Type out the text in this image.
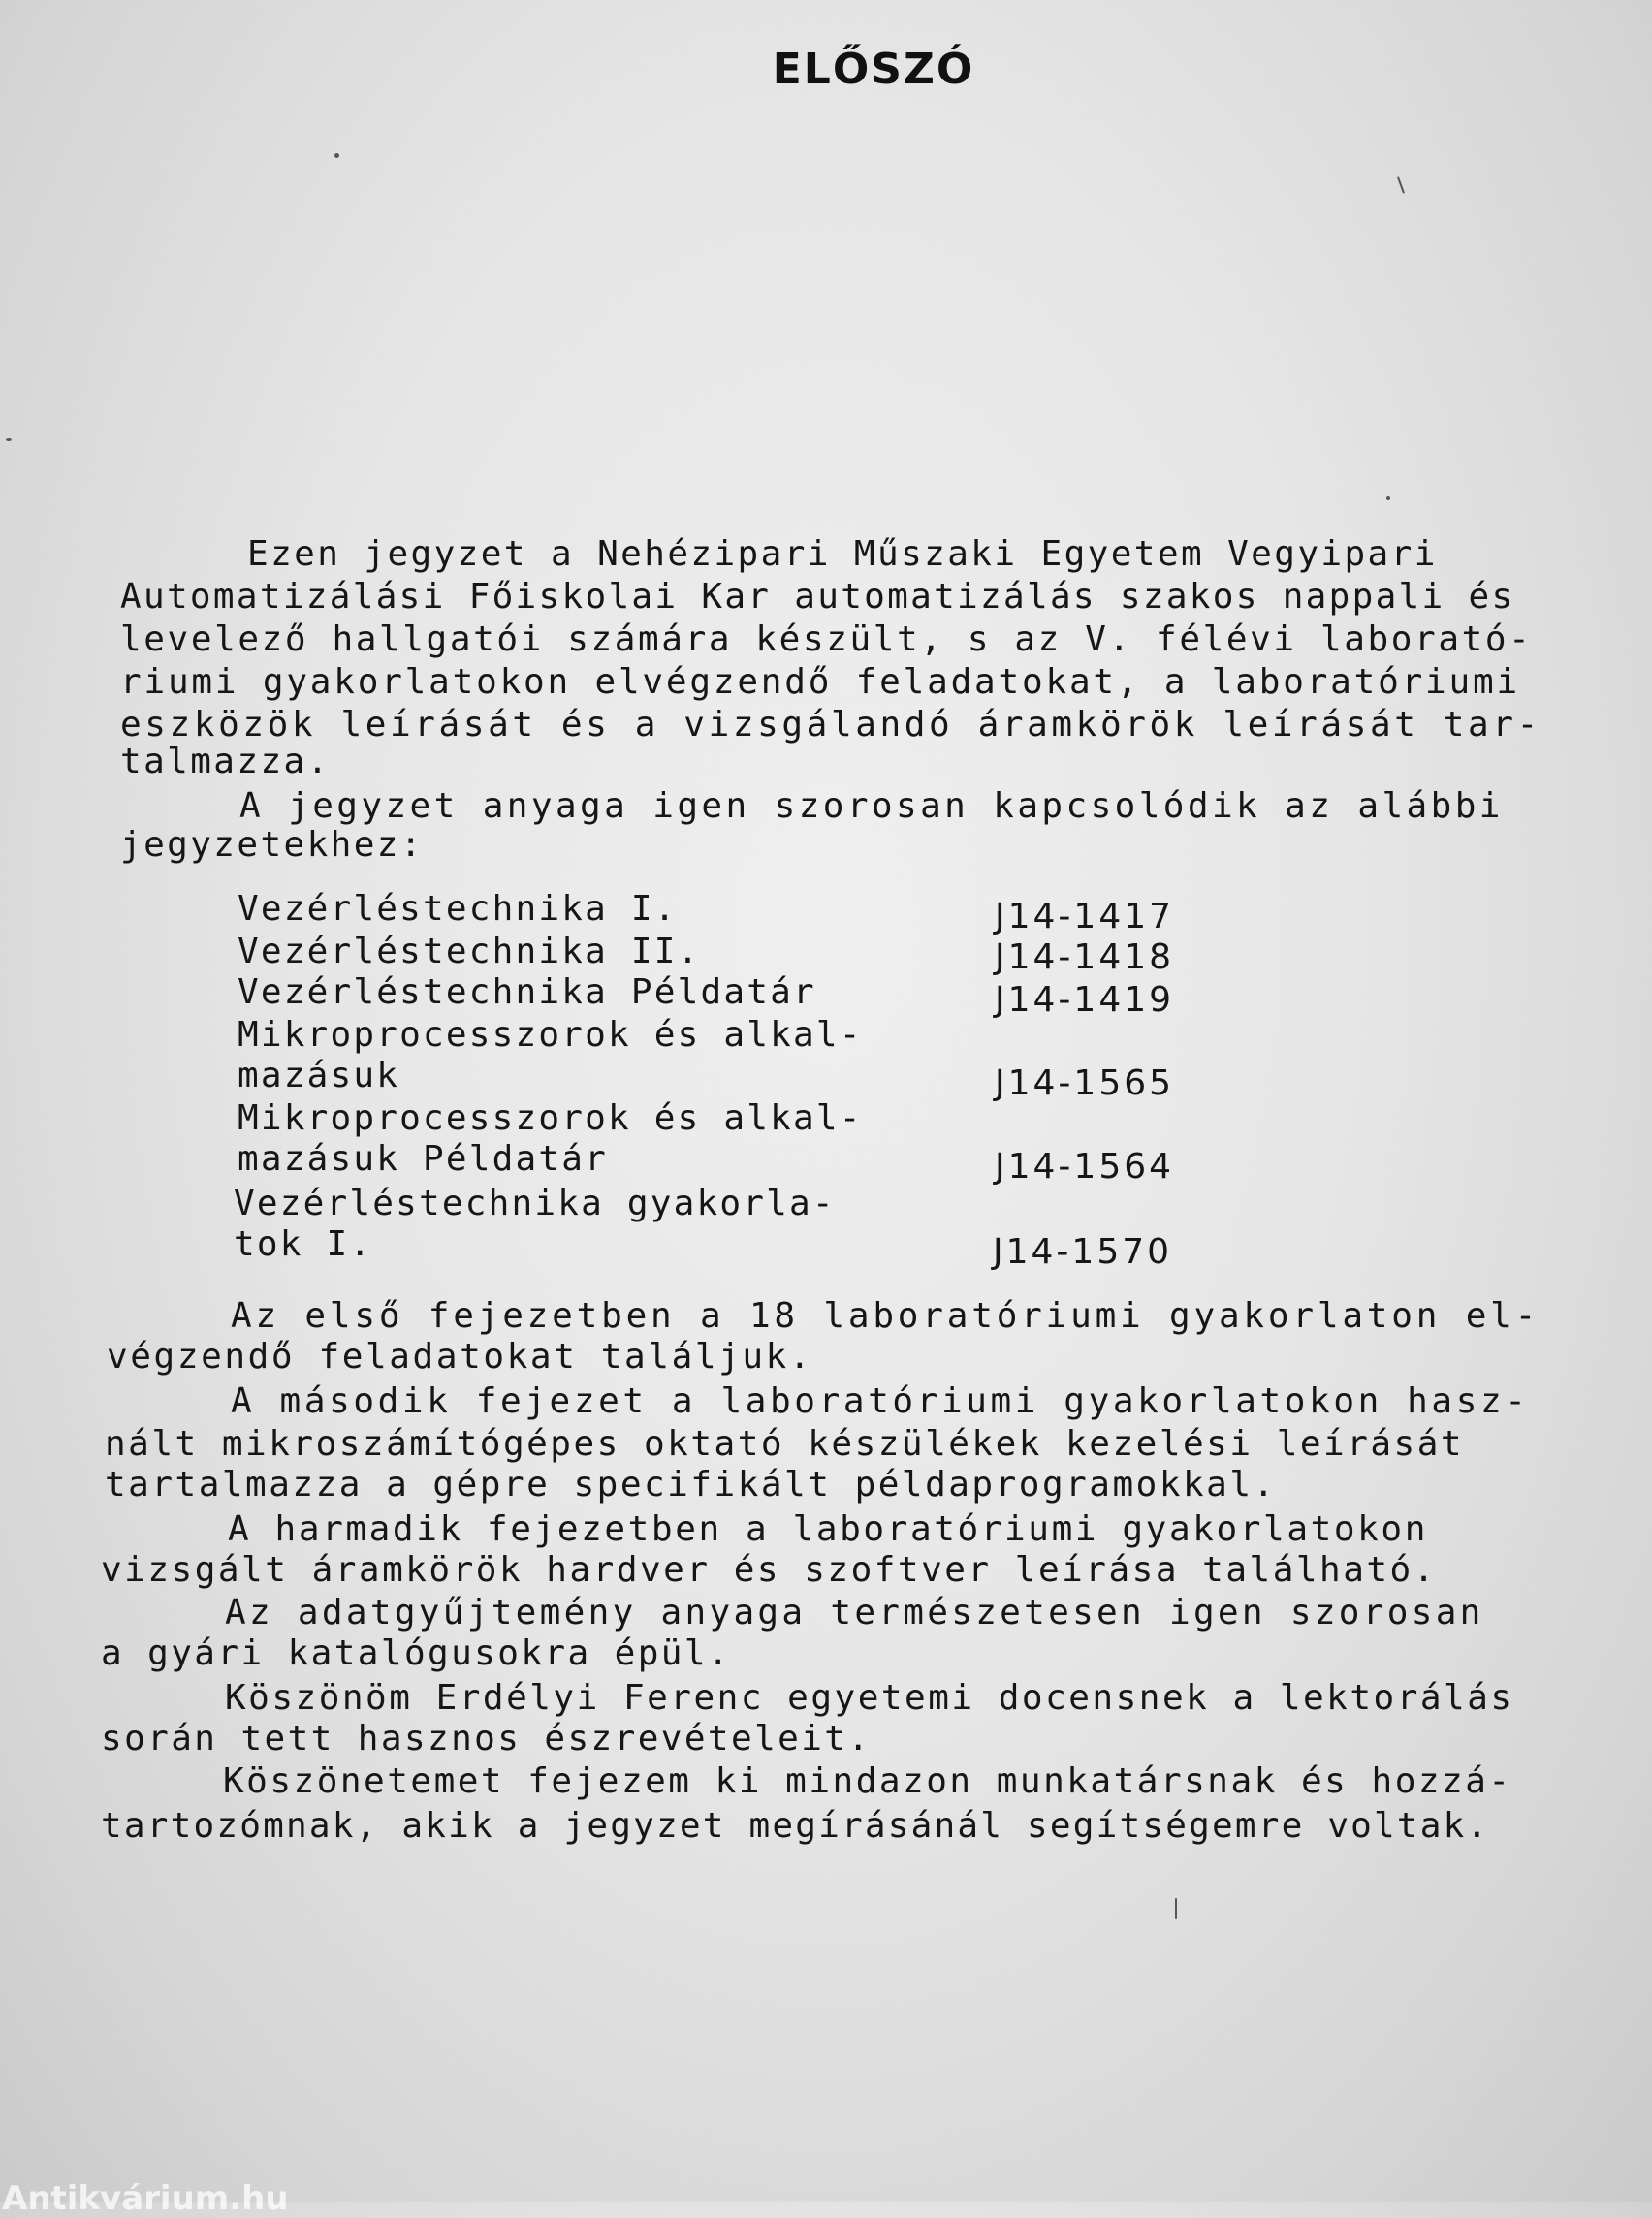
ELŐSZÓ
Ezen jegyzet a Nehézipari Műszaki Egyetem Vegyipari
Automatizálási Főiskolai Kar automatizálás szakos nappali és
levelező hallgatói számára készült, s az V. félévi laborató-
riumi gyakorlatokon elvégzendő feladatokat, a laboratóriumi
eszközök leírását és a vizsgálandó áramkörök leírását tar-
talmazza.
A jegyzet anyaga igen szorosan kapcsolódik az alábbi
jegyzetekhez:
Vezérléstechnika I.	J14-1417
Vezérléstechnika II.	J14-1418
Vezérléstechnika Példatár	J14-1419
Mikroprocesszorok és alkal-
mazásuk	J14-1565
Mikroprocesszorok és alkal-
mazásuk Példatár	J14-1564
Vezérléstechnika gyakorla-
tok I.	J14-1570
Az első fejezetben a 18 laboratóriumi gyakorlaton el-
végzendő feladatokat találjuk.
A második fejezet a laboratóriumi gyakorlatokon hasz-
nált mikroszámítógépes oktató készülékek kezelési leírását
tartalmazza a gépre specifikált példaprogramokkal.
A harmadik fejezetben a laboratóriumi gyakorlatokon
vizsgált áramkörök hardver és szoftver leírása található.
Az adatgyűjtemény anyaga természetesen igen szorosan
a gyári katalógusokra épül.
Köszönöm Erdélyi Ferenc egyetemi docensnek a lektorálás
során tett hasznos észrevételeit.
Köszönetemet fejezem ki mindazon munkatársnak és hozzá-
tartozómnak, akik a jegyzet megírásánál segítségemre voltak.
Antikvárium.hu
